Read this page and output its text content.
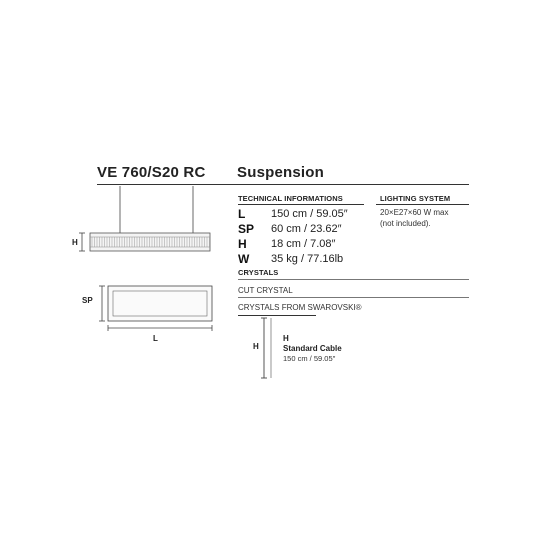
VE 760/S20 RC Suspension
H
SP
L
TECHNICAL INFORMATIONS
L 150 cm / 59.05″
SP 60 cm / 23.62″
H 18 cm / 7.08″
W 35 kg / 77.16lb
LIGHTING SYSTEM
20×E27×60 W max
(not included).
CRYSTALS
CUT CRYSTAL
CRYSTALS FROM SWAROVSKI®
H
H
Standard Cable
150 cm / 59.05″
